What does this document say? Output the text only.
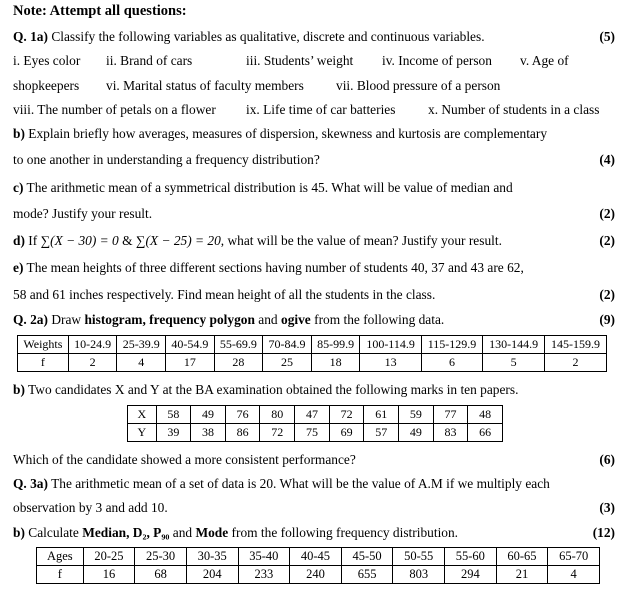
Note: Attempt all questions:
Q. 1a) Classify the following variables as qualitative, discrete and continuous variables.	(5)
i. Eyes color ii. Brand of cars	iii. Students’ weight iv. Income of person v. Age of
shopkeepers vi. Marital status of faculty members vii. Blood pressure of a person
viii. The number of petals on a flower ix. Life time of car batteries x. Number of students in a class
b) Explain briefly how averages, measures of dispersion, skewness and kurtosis are complementary
to one another in understanding a frequency distribution?	(4)
c) The arithmetic mean of a symmetrical distribution is 45. What will be value of median and
mode? Justify your result.	(2)
d) If ∑(X − 30) = 0 & ∑(X − 25) = 20, what will be the value of mean? Justify your result.	(2)
e) The mean heights of three different sections having number of students 40, 37 and 43 are 62,
58 and 61 inches respectively. Find mean height of all the students in the class.	(2)
Q. 2a) Draw histogram, frequency polygon and ogive from the following data.	(9)
Weights	10-24.9	25-39.9	40-54.9	55-69.9	70-84.9	85-99.9	100-114.9	115-129.9	130-144.9	145-159.9
f	2	4	17	28	25	18	13	6	5	2
b) Two candidates X and Y at the BA examination obtained the following marks in ten papers.
X	58	49	76	80	47	72	61	59	77	48
Y	39	38	86	72	75	69	57	49	83	66
Which of the candidate showed a more consistent performance?	(6)
Q. 3a) The arithmetic mean of a set of data is 20. What will be the value of A.M if we multiply each
observation by 3 and add 10.	(3)
b) Calculate Median, D₂, P₉₀ and Mode from the following frequency distribution.	(12)
Ages	20-25	25-30	30-35	35-40	40-45	45-50	50-55	55-60	60-65	65-70
f	16	68	204	233	240	655	803	294	21	4
